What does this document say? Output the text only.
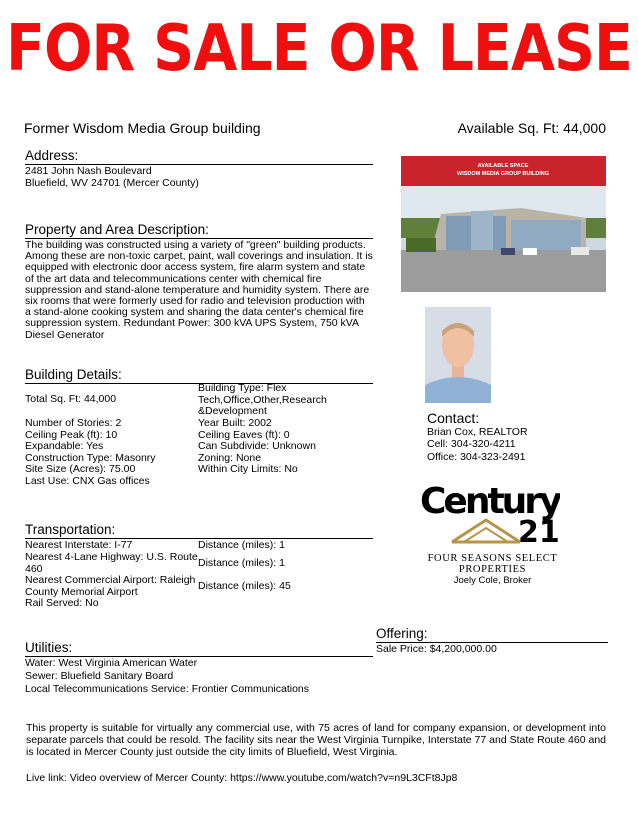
FOR SALE OR LEASE
Former Wisdom Media Group building	Available Sq. Ft: 44,000
Address:
2481 John Nash Boulevard
Bluefield, WV 24701 (Mercer County)
Property and Area Description:
The building was constructed using a variety of "green" building products.
Among these are non-toxic carpet, paint, wall coverings and insulation. It is
equipped with electronic door access system, fire alarm system and state
of the art data and telecommunications center with chemical fire
suppression and stand-alone temperature and humidity system. There are
six rooms that were formerly used for radio and television production with
a stand-alone cooking system and sharing the data center's chemical fire
suppression system. Redundant Power: 300 kVA UPS System, 750 kVA
Diesel Generator
Building Details:
Building Type: Flex
Tech,Office,Other,Research
&Development
Total Sq. Ft: 44,000
Number of Stories: 2
Ceiling Peak (ft): 10
Expandable: Yes
Construction Type: Masonry
Site Size (Acres): 75.00
Last Use: CNX Gas offices
Year Built: 2002
Ceiling Eaves (ft): 0
Can Subdivide: Unknown
Zoning: None
Within City Limits: No
AVAILABLE SPACE
WISDOM MEDIA GROUP BUILDING
Contact:
Brian Cox, REALTOR
Cell: 304-320-4211
Office: 304-323-2491
Century
21
FOUR SEASONS SELECT PROPERTIES
Joely Cole, Broker
Transportation:
Nearest Interstate: I-77	Distance (miles): 1
Nearest 4-Lane Highway: U.S. Route
460	Distance (miles): 1
Nearest Commercial Airport: Raleigh
County Memorial Airport	Distance (miles): 45
Rail Served: No
Offering:
Sale Price: $4,200,000.00
Utilities:
Water: West Virginia American Water
Sewer: Bluefield Sanitary Board
Local Telecommunications Service: Frontier Communications
This property is suitable for virtually any commercial use, with 75 acres of land for company expansion, or development into separate parcels that could be resold. The facility sits near the West Virginia Turnpike, Interstate 77 and State Route 460 and is located in Mercer County just outside the city limits of Bluefield, West Virginia.
Live link: Video overview of Mercer County: https://www.youtube.com/watch?v=n9L3CFt8Jp8
